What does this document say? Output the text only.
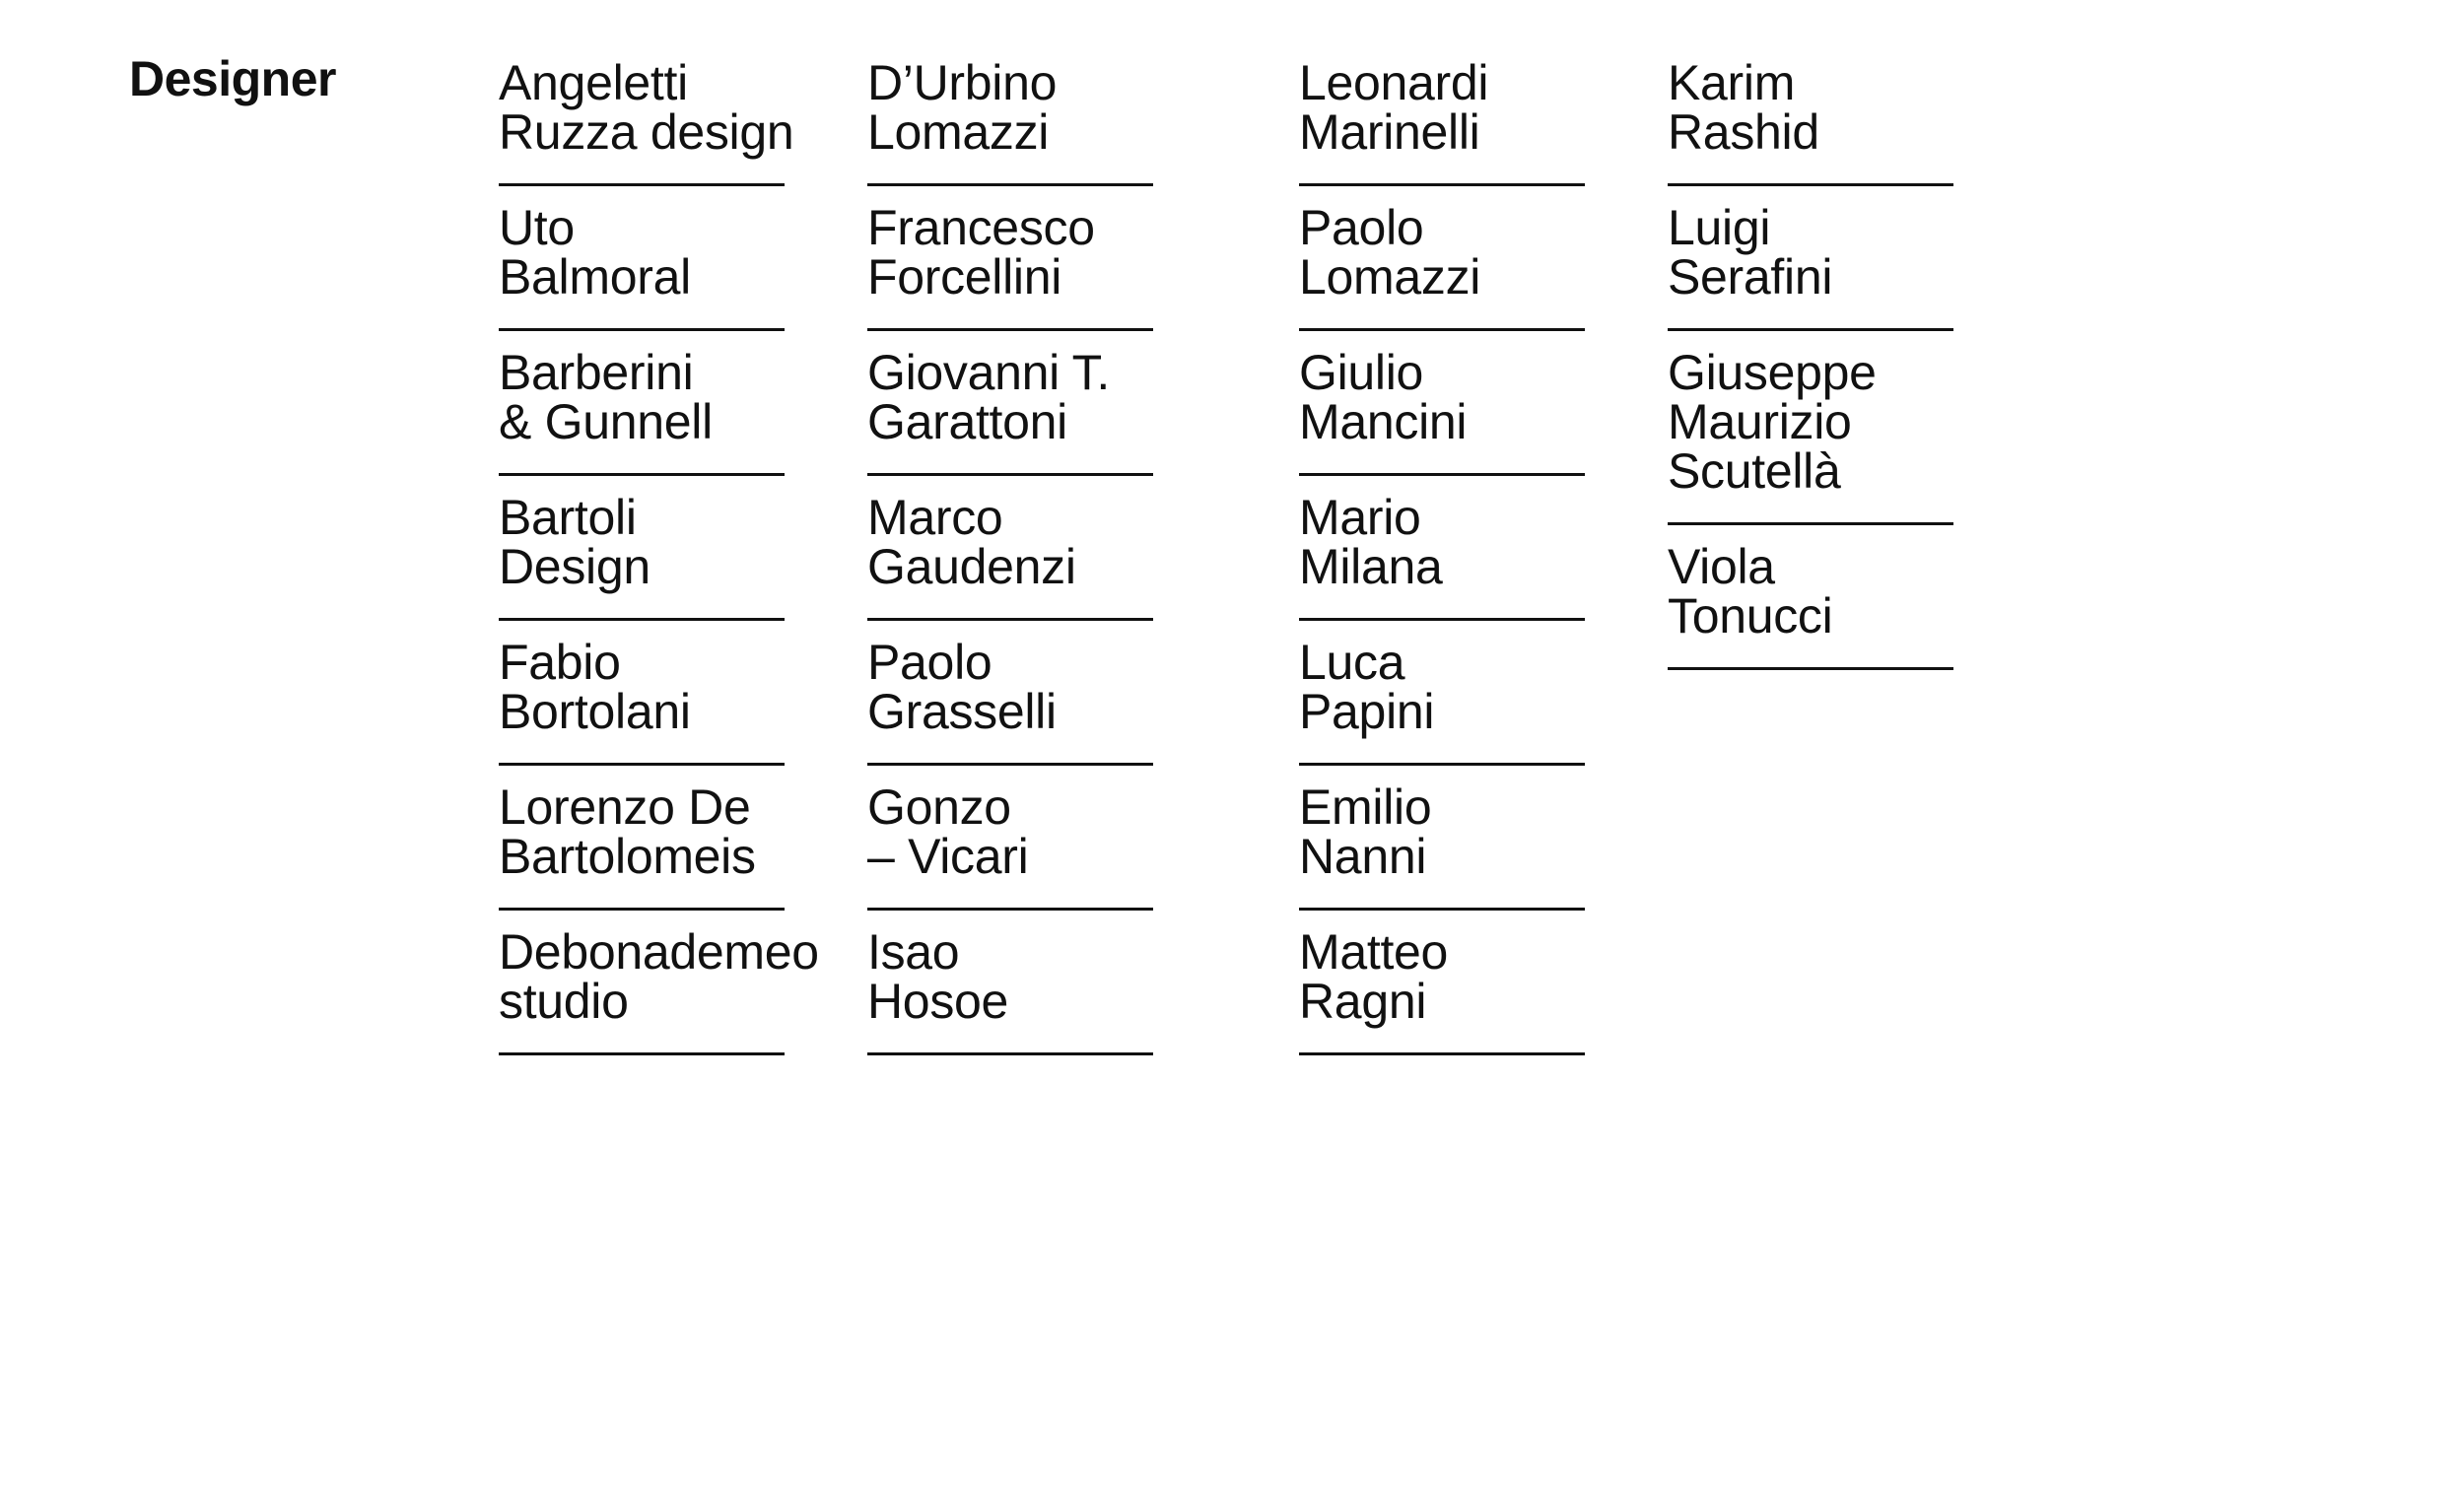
Designer	Angeletti
Ruzza design
Uto
Balmoral
Barberini
& Gunnell
Bartoli
Design
Fabio
Bortolani
Lorenzo De
Bartolomeis
Debonademeo
studio
D’Urbino
Lomazzi
Francesco
Forcellini
Giovanni T.
Garattoni
Marco
Gaudenzi
Paolo
Grasselli
Gonzo
– Vicari
Isao
Hosoe
Leonardi
Marinelli
Paolo
Lomazzi
Giulio
Mancini
Mario
Milana
Luca
Papini
Emilio
Nanni
Matteo
Ragni
Karim
Rashid
Luigi
Serafini
Giuseppe
Maurizio
Scutellà
Viola
Tonucci
